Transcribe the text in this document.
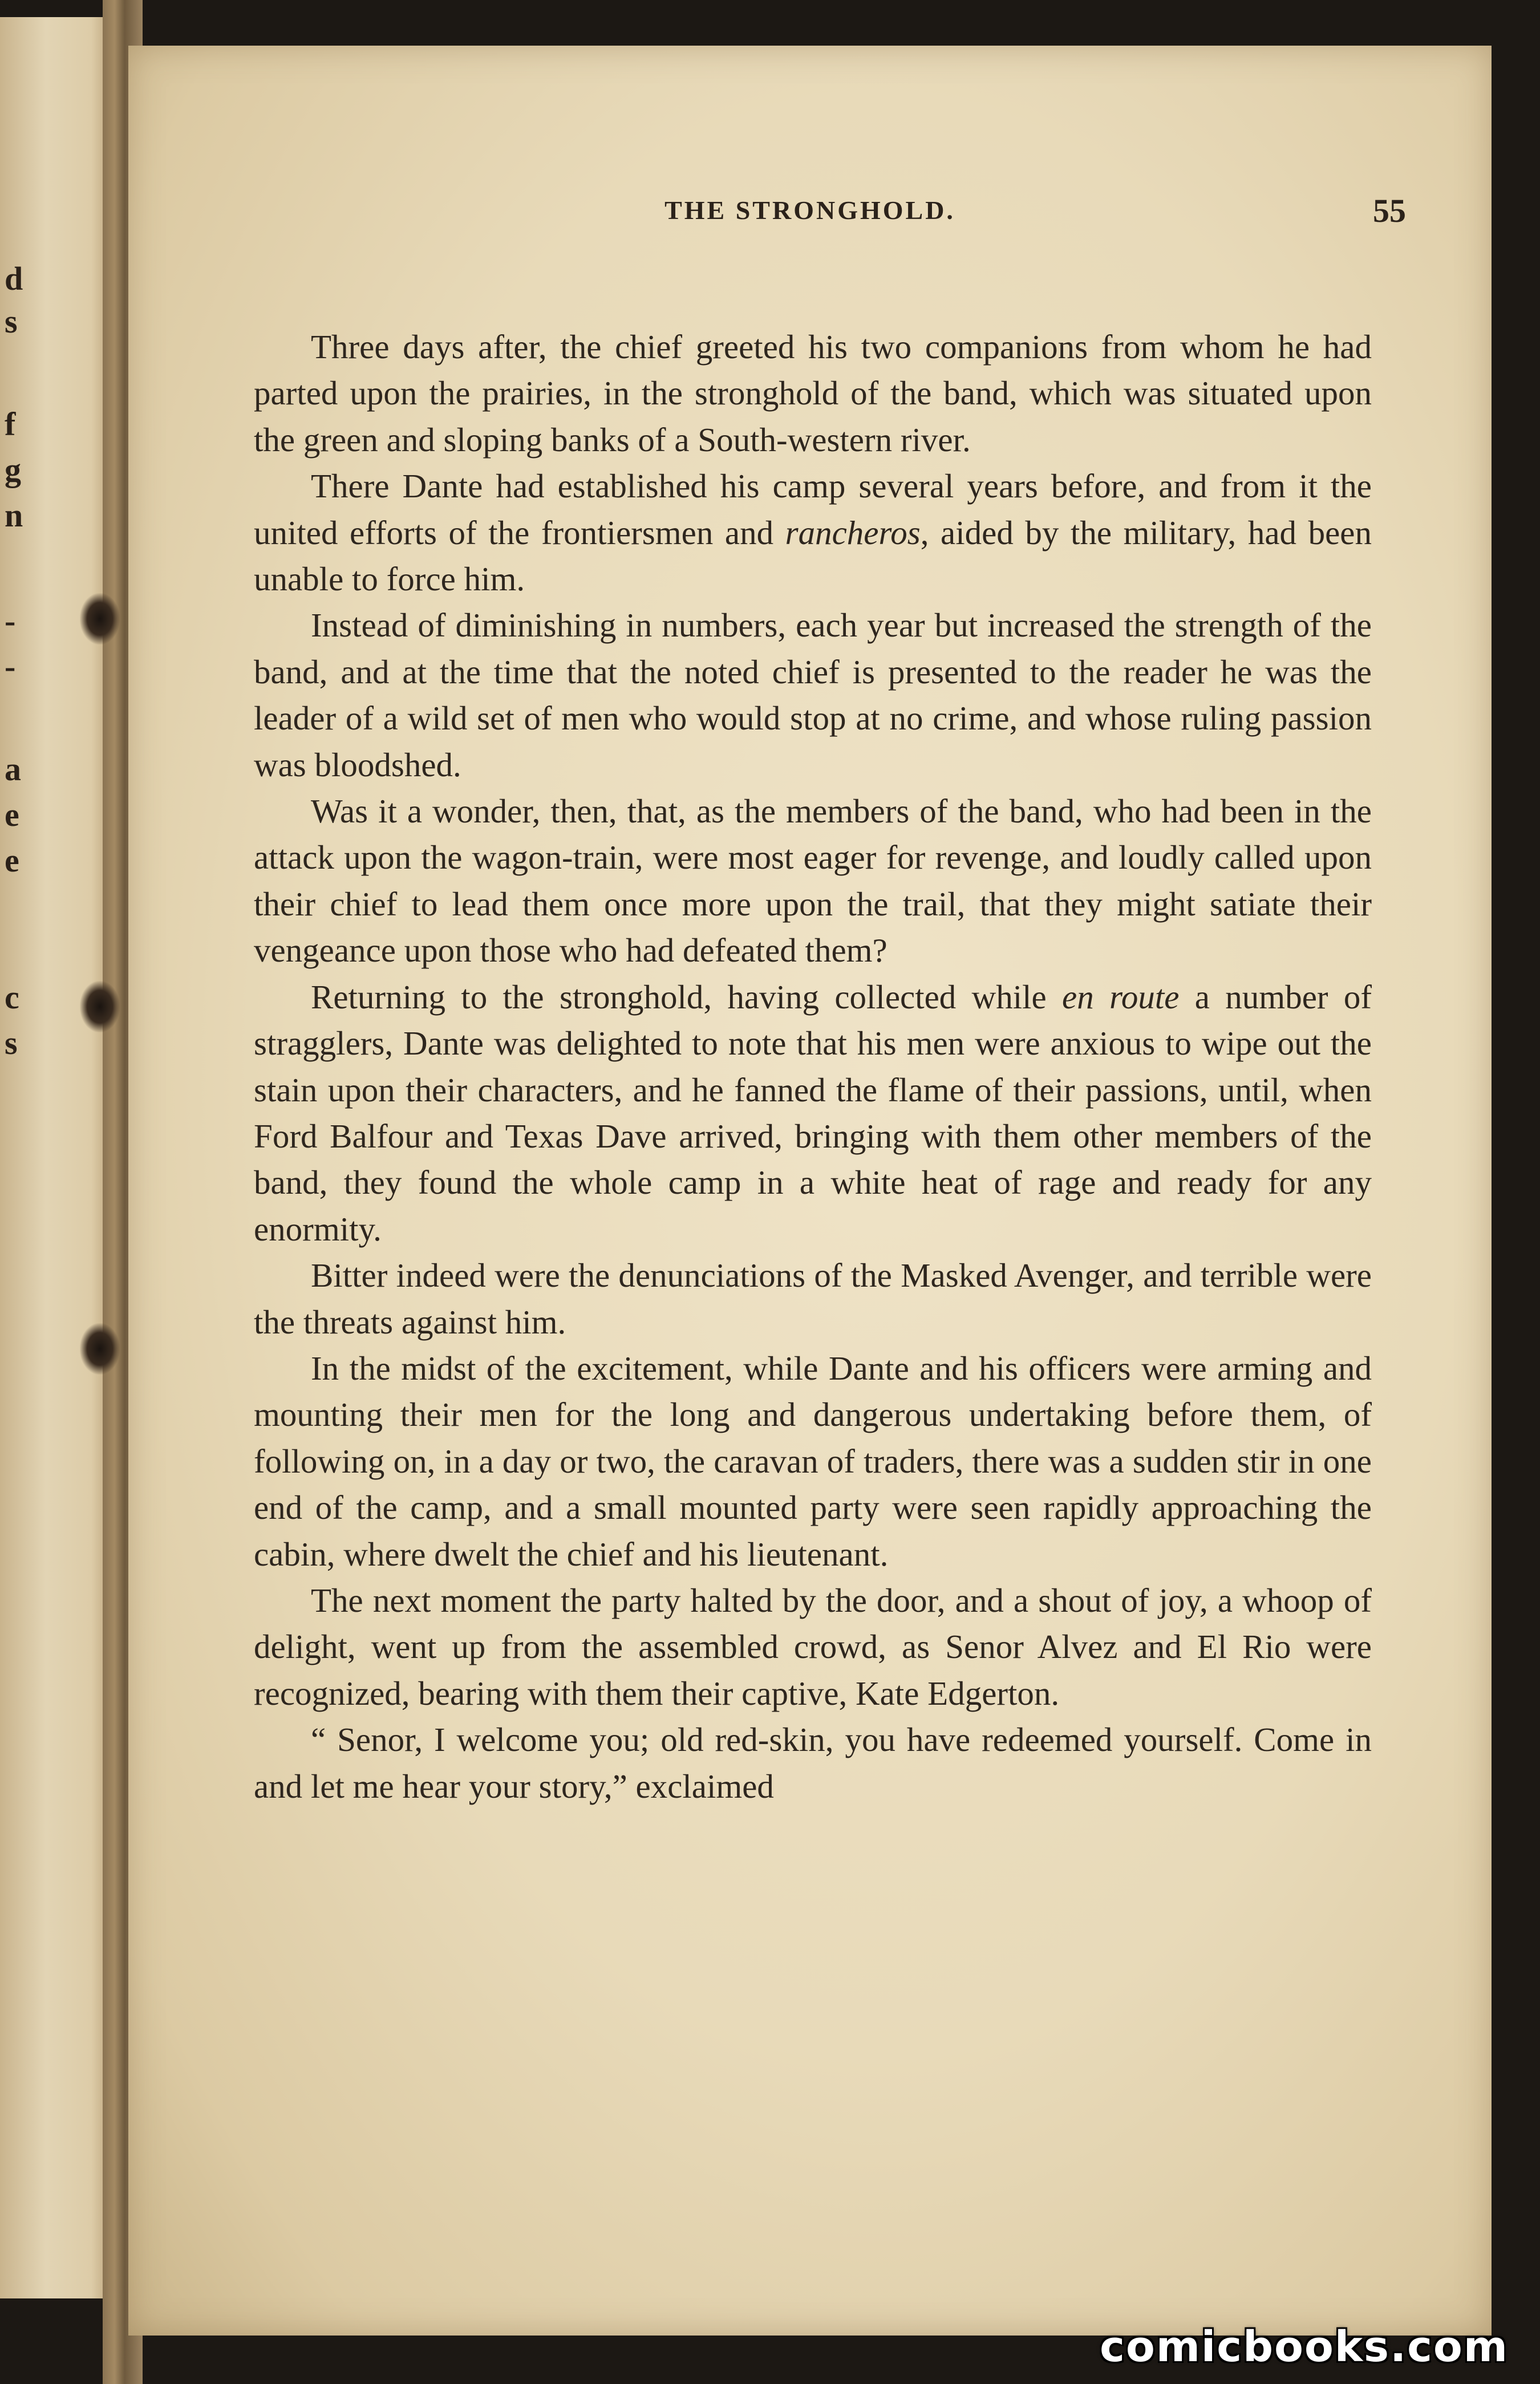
d
s
f
g
n
-
-
a
e
e
c
s
THE STRONGHOLD.	55

Three days after, the chief greeted his two companions from whom he had parted upon the prairies, in the stronghold of the band, which was situated upon the green and sloping banks of a South-western river.

There Dante had established his camp several years before, and from it the united efforts of the frontiersmen and rancheros, aided by the military, had been unable to force him.

Instead of diminishing in numbers, each year but increased the strength of the band, and at the time that the noted chief is presented to the reader he was the leader of a wild set of men who would stop at no crime, and whose ruling passion was bloodshed.

Was it a wonder, then, that, as the members of the band, who had been in the attack upon the wagon-train, were most eager for revenge, and loudly called upon their chief to lead them once more upon the trail, that they might satiate their vengeance upon those who had defeated them?

Returning to the stronghold, having collected while en route a number of stragglers, Dante was delighted to note that his men were anxious to wipe out the stain upon their characters, and he fanned the flame of their passions, until, when Ford Balfour and Texas Dave arrived, bringing with them other members of the band, they found the whole camp in a white heat of rage and ready for any enormity.

Bitter indeed were the denunciations of the Masked Avenger, and terrible were the threats against him.

In the midst of the excitement, while Dante and his officers were arming and mounting their men for the long and dangerous undertaking before them, of following on, in a day or two, the caravan of traders, there was a sudden stir in one end of the camp, and a small mounted party were seen rapidly approaching the cabin, where dwelt the chief and his lieutenant.

The next moment the party halted by the door, and a shout of joy, a whoop of delight, went up from the assembled crowd, as Senor Alvez and El Rio were recognized, bearing with them their captive, Kate Edgerton.

“ Senor, I welcome you; old red-skin, you have redeemed yourself. Come in and let me hear your story,” exclaimed

comicbooks.com
